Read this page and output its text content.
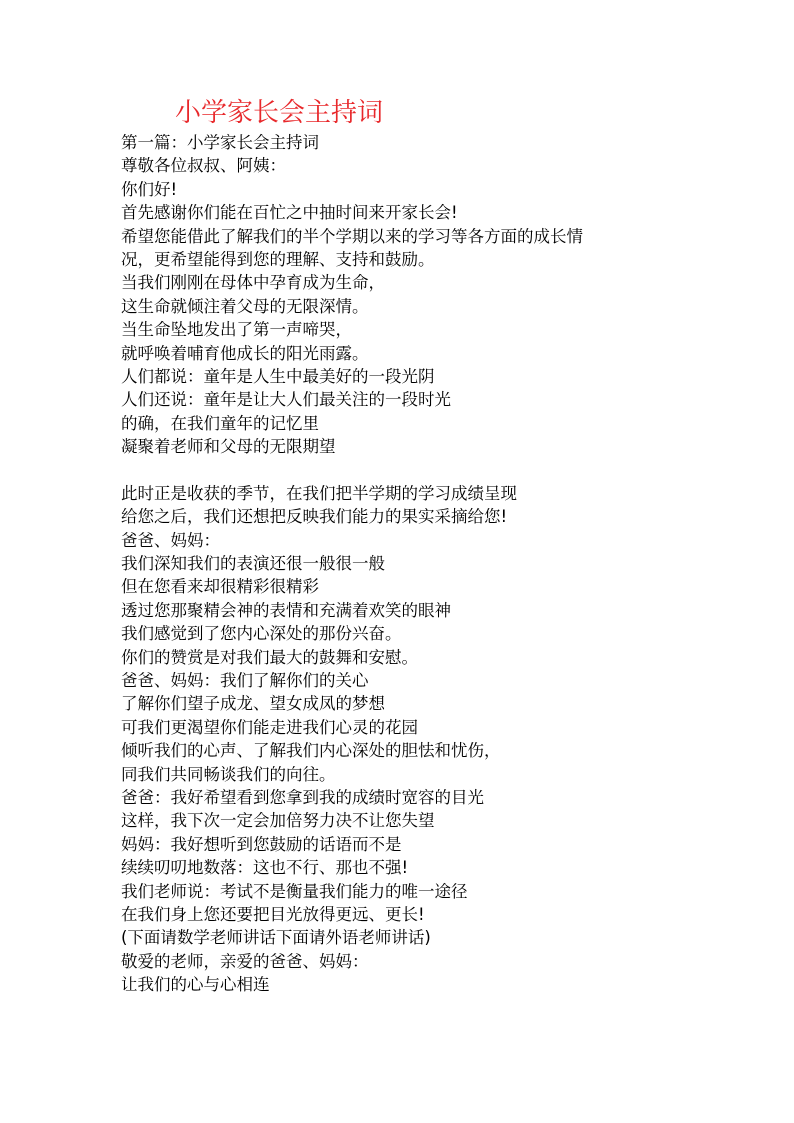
小学家长会主持词
第一篇：小学家长会主持词
尊敬各位叔叔、阿姨：
你们好!
首先感谢你们能在百忙之中抽时间来开家长会!
希望您能借此了解我们的半个学期以来的学习等各方面的成长情
况，更希望能得到您的理解、支持和鼓励。
当我们刚刚在母体中孕育成为生命，
这生命就倾注着父母的无限深情。
当生命坠地发出了第一声啼哭，
就呼唤着哺育他成长的阳光雨露。
人们都说：童年是人生中最美好的一段光阴
人们还说：童年是让大人们最关注的一段时光
的确，在我们童年的记忆里
凝聚着老师和父母的无限期望
此时正是收获的季节，在我们把半学期的学习成绩呈现
给您之后，我们还想把反映我们能力的果实采摘给您!
爸爸、妈妈：
我们深知我们的表演还很一般很一般
但在您看来却很精彩很精彩
透过您那聚精会神的表情和充满着欢笑的眼神
我们感觉到了您内心深处的那份兴奋。
你们的赞赏是对我们最大的鼓舞和安慰。
爸爸、妈妈：我们了解你们的关心
了解你们望子成龙、望女成凤的梦想
可我们更渴望你们能走进我们心灵的花园
倾听我们的心声、了解我们内心深处的胆怯和忧伤，
同我们共同畅谈我们的向往。
爸爸：我好希望看到您拿到我的成绩时宽容的目光
这样，我下次一定会加倍努力决不让您失望
妈妈：我好想听到您鼓励的话语而不是
续续叨叨地数落：这也不行、那也不强!
我们老师说：考试不是衡量我们能力的唯一途径
在我们身上您还要把目光放得更远、更长!
(下面请数学老师讲话下面请外语老师讲话)
敬爱的老师，亲爱的爸爸、妈妈：
让我们的心与心相连
